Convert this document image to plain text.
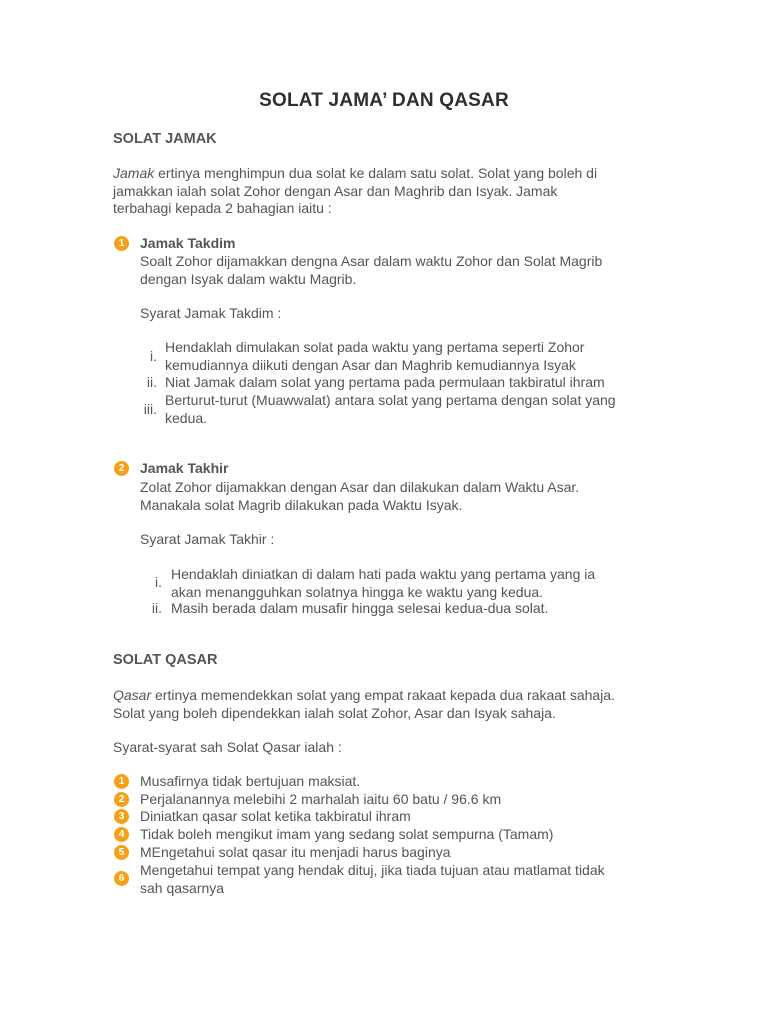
SOLAT JAMA’ DAN QASAR
SOLAT JAMAK
Jamak ertinya menghimpun dua solat ke dalam satu solat. Solat yang boleh di
jamakkan ialah solat Zohor dengan Asar dan Maghrib dan Isyak. Jamak
terbahagi kepada 2 bahagian iaitu :
1	Jamak Takdim
Soalt Zohor dijamakkan dengna Asar dalam waktu Zohor dan Solat Magrib
dengan Isyak dalam waktu Magrib.
Syarat Jamak Takdim :
i.
Hendaklah dimulakan solat pada waktu yang pertama seperti Zohor
kemudiannya diikuti dengan Asar dan Maghrib kemudiannya Isyak
ii. Niat Jamak dalam solat yang pertama pada permulaan takbiratul ihram
iii.
Berturut-turut (Muawwalat) antara solat yang pertama dengan solat yang
kedua.
2	Jamak Takhir
Zolat Zohor dijamakkan dengan Asar dan dilakukan dalam Waktu Asar.
Manakala solat Magrib dilakukan pada Waktu Isyak.
Syarat Jamak Takhir :
i. Hendaklah diniatkan di dalam hati pada waktu yang pertama yang ia
akan menangguhkan solatnya hingga ke waktu yang kedua.
ii. Masih berada dalam musafir hingga selesai kedua-dua solat.
SOLAT QASAR
Qasar ertinya memendekkan solat yang empat rakaat kepada dua rakaat sahaja.
Solat yang boleh dipendekkan ialah solat Zohor, Asar dan Isyak sahaja.
Syarat-syarat sah Solat Qasar ialah :
1	Musafirnya tidak bertujuan maksiat.
2	Perjalanannya melebihi 2 marhalah iaitu 60 batu / 96.6 km
3	Diniatkan qasar solat ketika takbiratul ihram
4	Tidak boleh mengikut imam yang sedang solat sempurna (Tamam)
5	MEngetahui solat qasar itu menjadi harus baginya
6
Mengetahui tempat yang hendak dituj, jika tiada tujuan atau matlamat tidak
sah qasarnya
